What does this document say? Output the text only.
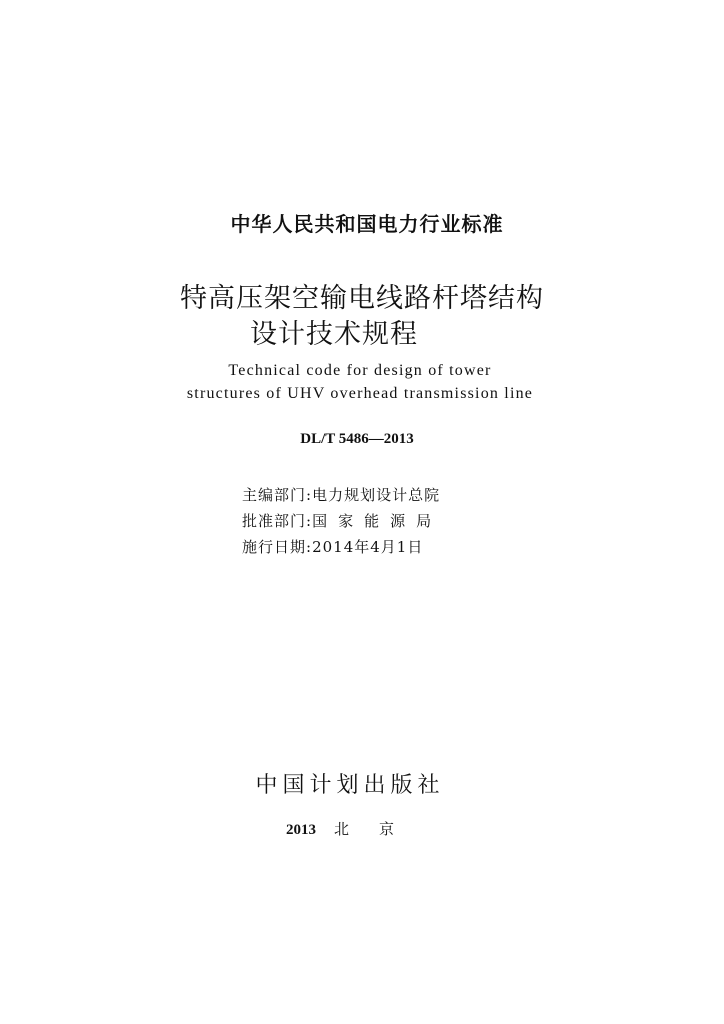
中华人民共和国电力行业标准
特高压架空输电线路杆塔结构
设计技术规程
Technical code for design of tower
structures of UHV overhead transmission line
DL/T 5486—2013
主编部门 : 电力规划设计总院
批准部门 : 国家能源局
施行日期 : 2014年4月1日
中国计划出版社
2013 北 京
